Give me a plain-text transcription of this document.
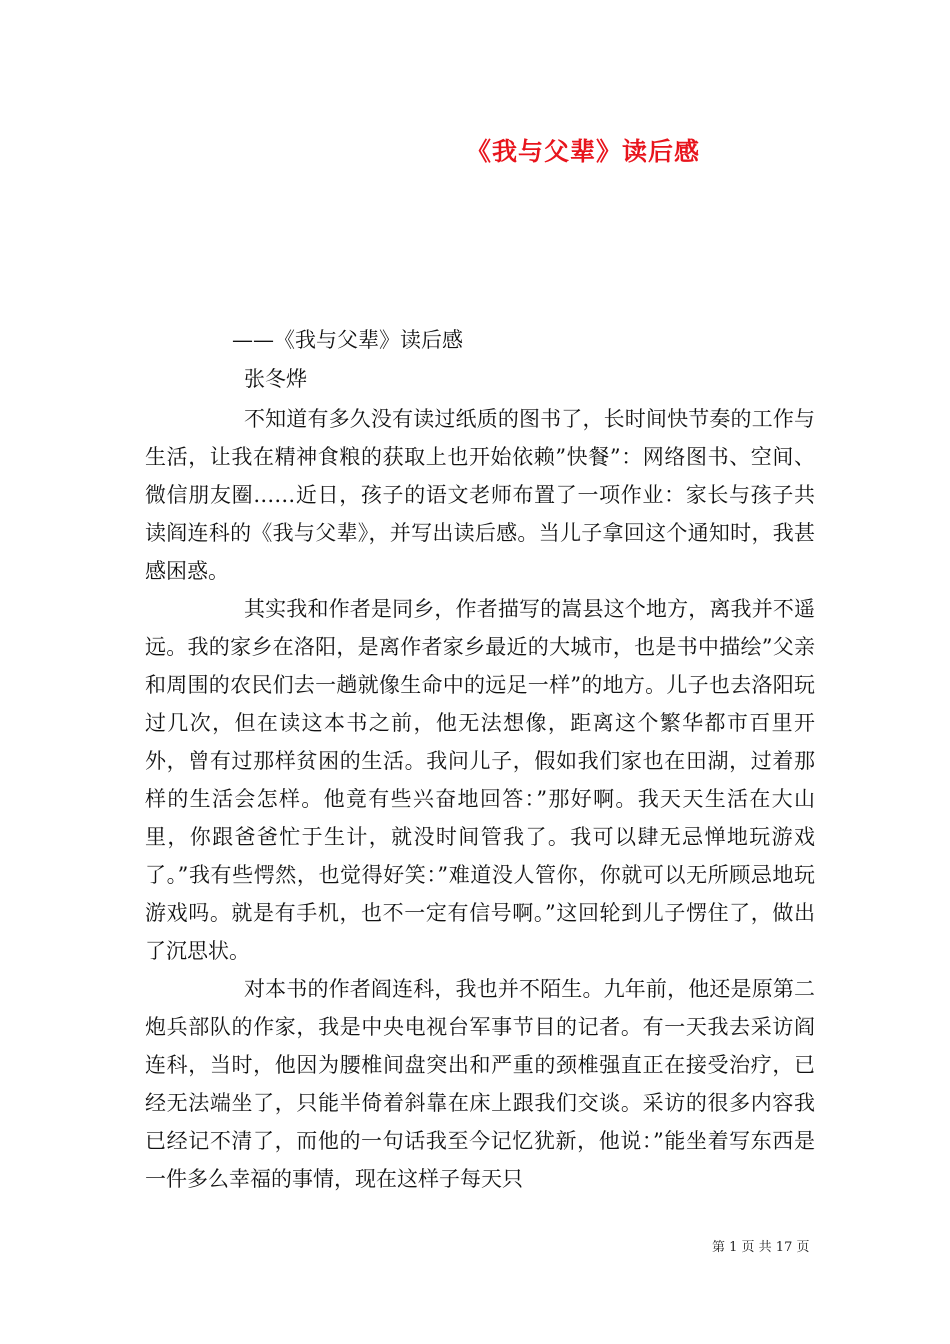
《我与父辈》读后感
——《我与父辈》读后感
张冬烨

不知道有多久没有读过纸质的图书了，长时间快节奏的工作与生活，让我在精神食粮的获取上也开始依赖”快餐”：网络图书、空间、微信朋友圈……近日，孩子的语文老师布置了一项作业：家长与孩子共读阎连科的《我与父辈》，并写出读后感。当儿子拿回这个通知时，我甚感困惑。

其实我和作者是同乡，作者描写的嵩县这个地方，离我并不遥远。我的家乡在洛阳，是离作者家乡最近的大城市，也是书中描绘”父亲和周围的农民们去一趟就像生命中的远足一样”的地方。儿子也去洛阳玩过几次，但在读这本书之前，他无法想像，距离这个繁华都市百里开外，曾有过那样贫困的生活。我问儿子，假如我们家也在田湖，过着那样的生活会怎样。他竟有些兴奋地回答：”那好啊。我天天生活在大山里，你跟爸爸忙于生计，就没时间管我了。我可以肆无忌惮地玩游戏了。”我有些愕然，也觉得好笑：”难道没人管你，你就可以无所顾忌地玩游戏吗。就是有手机，也不一定有信号啊。”这回轮到儿子愣住了，做出了沉思状。

对本书的作者阎连科，我也并不陌生。九年前，他还是原第二炮兵部队的作家，我是中央电视台军事节目的记者。有一天我去采访阎连科，当时，他因为腰椎间盘突出和严重的颈椎强直正在接受治疗，已经无法端坐了，只能半倚着斜靠在床上跟我们交谈。采访的很多内容我已经记不清了，而他的一句话我至今记忆犹新，他说：”能坐着写东西是一件多么幸福的事情，现在这样子每天只

第 1 页 共 17 页
